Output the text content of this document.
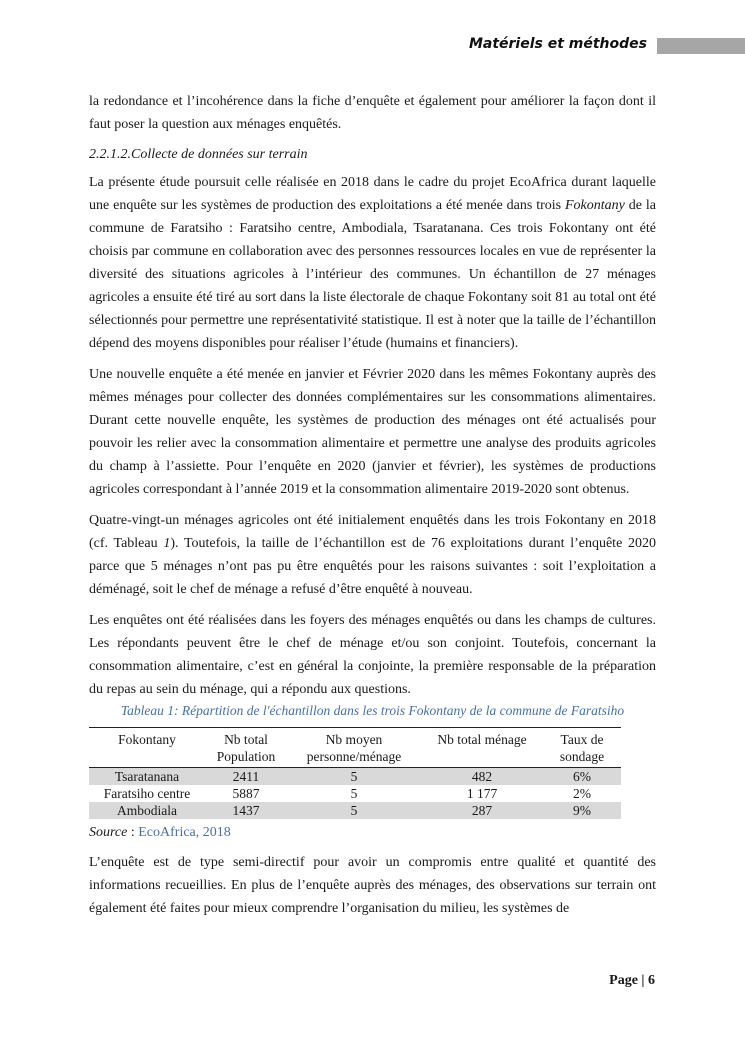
Matériels et méthodes

la redondance et l’incohérence dans la fiche d’enquête et également pour améliorer la façon dont il faut poser la question aux ménages enquêtés.

2.2.1.2.Collecte de données sur terrain

La présente étude poursuit celle réalisée en 2018 dans le cadre du projet EcoAfrica durant laquelle une enquête sur les systèmes de production des exploitations a été menée dans trois Fokontany de la commune de Faratsiho : Faratsiho centre, Ambodiala, Tsaratanana. Ces trois Fokontany ont été choisis par commune en collaboration avec des personnes ressources locales en vue de représenter la diversité des situations agricoles à l’intérieur des communes. Un échantillon de 27 ménages agricoles a ensuite été tiré au sort dans la liste électorale de chaque Fokontany soit 81 au total ont été sélectionnés pour permettre une représentativité statistique. Il est à noter que la taille de l’échantillon dépend des moyens disponibles pour réaliser l’étude (humains et financiers).

Une nouvelle enquête a été menée en janvier et Février 2020 dans les mêmes Fokontany auprès des mêmes ménages pour collecter des données complémentaires sur les consommations alimentaires. Durant cette nouvelle enquête, les systèmes de production des ménages ont été actualisés pour pouvoir les relier avec la consommation alimentaire et permettre une analyse des produits agricoles du champ à l’assiette. Pour l’enquête en 2020 (janvier et février), les systèmes de productions agricoles correspondant à l’année 2019 et la consommation alimentaire 2019-2020 sont obtenus.

Quatre-vingt-un ménages agricoles ont été initialement enquêtés dans les trois Fokontany en 2018 (cf. Tableau 1). Toutefois, la taille de l’échantillon est de 76 exploitations durant l’enquête 2020 parce que 5 ménages n’ont pas pu être enquêtés pour les raisons suivantes : soit l’exploitation a déménagé, soit le chef de ménage a refusé d’être enquêté à nouveau.

Les enquêtes ont été réalisées dans les foyers des ménages enquêtés ou dans les champs de cultures. Les répondants peuvent être le chef de ménage et/ou son conjoint. Toutefois, concernant la consommation alimentaire, c’est en général la conjointe, la première responsable de la préparation du repas au sein du ménage, qui a répondu aux questions.

Tableau 1: Répartition de l'échantillon dans les trois Fokontany de la commune de Faratsiho
Fokontany	Nb total Population	Nb moyen personne/ménage	Nb total ménage	Taux de sondage
Tsaratanana	2411	5	482	6%
Faratsiho centre	5887	5	1 177	2%
Ambodiala	1437	5	287	9%
Source : EcoAfrica, 2018

L’enquête est de type semi-directif pour avoir un compromis entre qualité et quantité des informations recueillies. En plus de l’enquête auprès des ménages, des observations sur terrain ont également été faites pour mieux comprendre l’organisation du milieu, les systèmes de

Page | 6
